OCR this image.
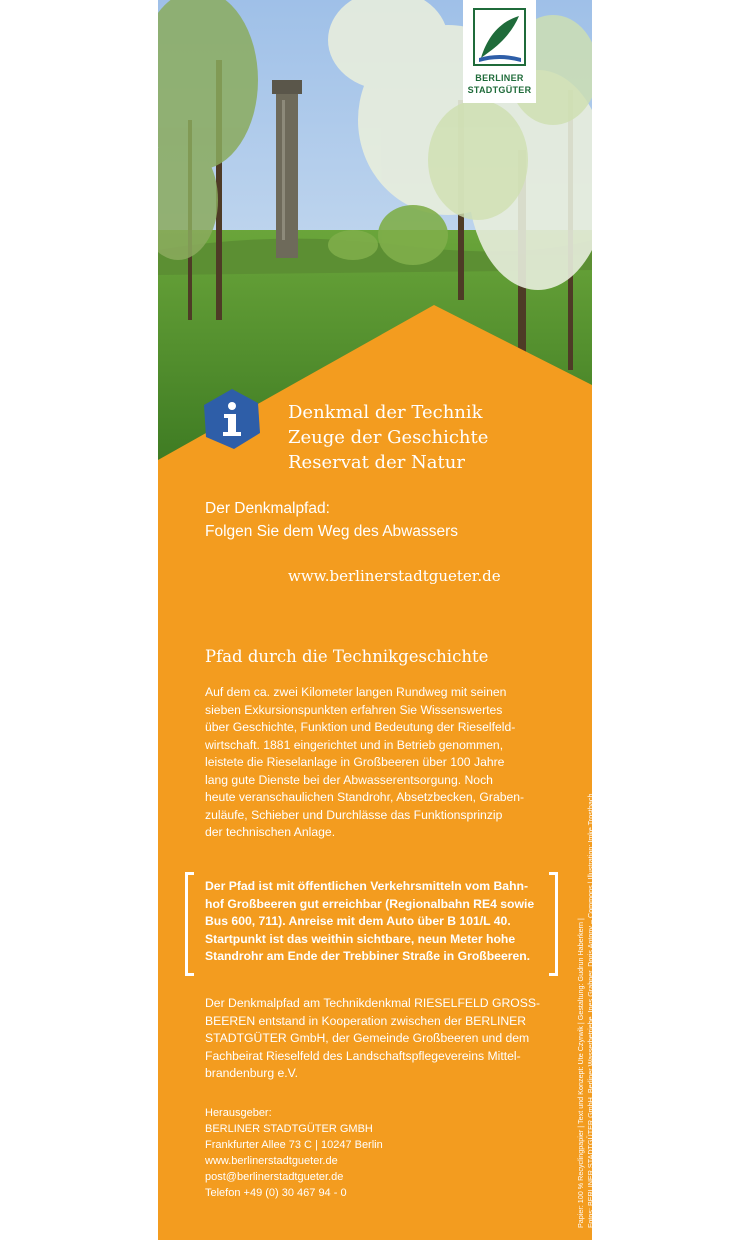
BERLINER
STADTGÜTER
Denkmal der Technik
Zeuge der Geschichte
Reservat der Natur
Der Denkmalpfad:
Folgen Sie dem Weg des Abwassers
www.berlinerstadtgueter.de
Pfad durch die Technikgeschichte
Auf dem ca. zwei Kilometer langen Rundweg mit seinen
sieben Exkursionspunkten erfahren Sie Wissenswertes
über Geschichte, Funktion und Bedeutung der Rieselfeld-
wirtschaft. 1881 eingerichtet und in Betrieb genommen,
leistete die Rieselanlage in Großbeeren über 100 Jahre
lang gute Dienste bei der Abwasserentsorgung. Noch
heute veranschaulichen Standrohr, Absetzbecken, Graben-
zuläufe, Schieber und Durchlässe das Funktionsprinzip
der technischen Anlage.
Der Pfad ist mit öffentlichen Verkehrsmitteln vom Bahn-
hof Großbeeren gut erreichbar (Regionalbahn RE4 sowie
Bus 600, 711). Anreise mit dem Auto über B 101/L 40.
Startpunkt ist das weithin sichtbare, neun Meter hohe
Standrohr am Ende der Trebbiner Straße in Großbeeren.
Der Denkmalpfad am Technikdenkmal RIESELFELD GROSS-
BEEREN entstand in Kooperation zwischen der BERLINER
STADTGÜTER GmbH, der Gemeinde Großbeeren und dem
Fachbeirat Rieselfeld des Landschaftspflegevereins Mittel-
brandenburg e.V.
Herausgeber:
BERLINER STADTGÜTER GMBH
Frankfurter Allee 73 C | 10247 Berlin
www.berlinerstadtgueter.de
post@berlinerstadtgueter.de
Telefon +49 (0) 30 467 94 - 0	Papier: 100 % Recyclingpapier | Text und Konzept: Ute Czyrwik | Gestaltung: Gudrun Haberkern | Fotos: BERLINER STADTGÜTER GmbH, Berliner Wasserbetriebe, Ines Grabner, Doris Antony – Commons | Illustration: Imke Trostbach
